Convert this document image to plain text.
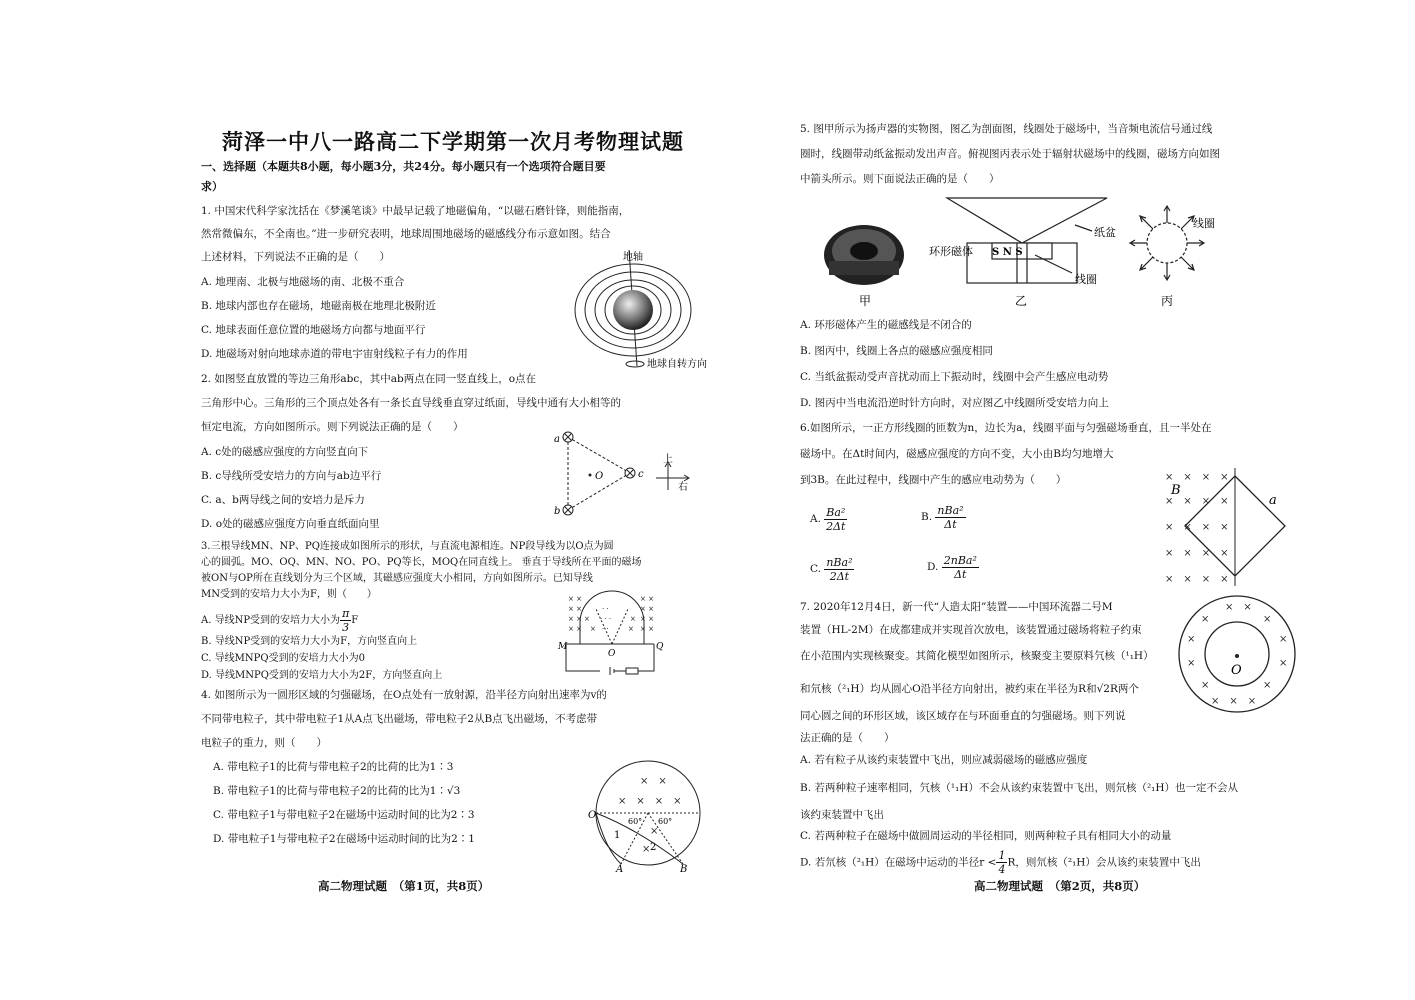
菏泽一中八一路高二下学期第一次月考物理试题
一、选择题（本题共8小题，每小题3分，共24分。每小题只有一个选项符合题目要
求）
1. 中国宋代科学家沈括在《梦溪笔谈》中最早记载了地磁偏角，“以磁石磨针锋，则能指南，
然常微偏东，不全南也。”进一步研究表明，地球周围地磁场的磁感线分布示意如图。结合
上述材料，下列说法不正确的是（　　）
A. 地理南、北极与地磁场的南、北极不重合
B. 地球内部也存在磁场，地磁南极在地理北极附近
C. 地球表面任意位置的地磁场方向都与地面平行
D. 地磁场对射向地球赤道的带电宇宙射线粒子有力的作用
地轴
地球自转方向
2. 如图竖直放置的等边三角形abc，其中ab两点在同一竖直线上，o点在
三角形中心。三角形的三个顶点处各有一条长直导线垂直穿过纸面，导线中通有大小相等的
恒定电流，方向如图所示。则下列说法正确的是（　　）
A. c处的磁感应强度的方向竖直向下
B. c导线所受安培力的方向与ab边平行
C. a、b两导线之间的安培力是斥力
D. o处的磁感应强度方向垂直纸面向里
a
b
c
O
上
右
3.三根导线MN、NP、PQ连接成如图所示的形状，与直流电源相连。NP段导线为以O点为圆
心的圆弧。MO、OQ、MN、NO、PO、PQ等长，MOQ在同直线上。 垂直于导线所在平面的磁场
被ON与OP所在直线划分为三个区域，其磁感应强度大小相同，方向如图所示。已知导线
MN受到的安培力大小为F，则（　　）
A. 导线NP受到的安培力大小为 $\frac{\pi}{3}$ F
B. 导线NP受到的安培力大小为F，方向竖直向上
C. 导线MNPQ受到的安培力大小为0
D. 导线MNPQ受到的安培力大小为2F，方向竖直向上
× ×
× ×
× ×
× ×
× ×
× ×
× ×
× ×
· ·
· · ·
· ·
×
×
×
×
M	Q
O
4. 如图所示为一圆形区域的匀强磁场，在O点处有一放射源，沿半径方向射出速率为v的
不同带电粒子，其中带电粒子1从A点飞出磁场，带电粒子2从B点飞出磁场，不考虑带
电粒子的重力，则（　　）
A. 带电粒子1的比荷与带电粒子2的比荷的比为1∶3
B. 带电粒子1的比荷与带电粒子2的比荷的比为1∶√3
C. 带电粒子1与带电粒子2在磁场中运动时间的比为2∶3
D. 带电粒子1与带电粒子2在磁场中运动时间的比为2∶1
×　×
×　×　×　×
×
×
O
A	B
60° 60°
1
2
高二物理试题　（第1页，共8页）
5. 图甲所示为扬声器的实物图，图乙为剖面图，线圈处于磁场中，当音频电流信号通过线
圈时，线圈带动纸盆振动发出声音。俯视图丙表示处于辐射状磁场中的线圈，磁场方向如图
中箭头所示。则下面说法正确的是（　　）
S N S
纸盆
环形磁体
线圈
线圈
甲	乙	丙
A. 环形磁体产生的磁感线是不闭合的
B. 图丙中，线圈上各点的磁感应强度相同
C. 当纸盆振动受声音扰动而上下振动时，线圈中会产生感应电动势
D. 图丙中当电流沿逆时针方向时，对应图乙中线圈所受安培力向上
6.如图所示，一正方形线圈的匝数为n，边长为a，线圈平面与匀强磁场垂直，且一半处在
磁场中。在Δt时间内，磁感应强度的方向不变，大小由B均匀地增大
到3B。在此过程中，线圈中产生的感应电动势为（　　）
A. $\frac{\text{Ba²}}{2\Delta t}$	B. $\frac{\text{nBa²}}{\Delta t}$
C. $\frac{\text{nBa²}}{2\Delta t}$	D. $\frac{\text{2nBa²}}{\Delta t}$
×　×　×　×
×　×　×　×
×　×　×　×
×　×　×　×
×　×　×　×
B
a
7. 2020年12月4日，新一代“人造太阳”装置——中国环流器二号M
装置（HL-2M）在成都建成并实现首次放电，该装置通过磁场将粒子约束
在小范围内实现核聚变。其简化模型如图所示，核聚变主要原料氕核（¹₁H）
和氘核（²₁H）均从圆心O沿半径方向射出，被约束在半径为R和√2R两个
同心圆之间的环形区域，该区域存在与环面垂直的匀强磁场。则下列说
法正确的是（　　）
A. 若有粒子从该约束装置中飞出，则应减弱磁场的磁感应强度
B. 若两种粒子速率相同，氕核（¹₁H）不会从该约束装置中飞出，则氘核（²₁H）也一定不会从
该约束装置中飞出
C. 若两种粒子在磁场中做圆周运动的半径相同，则两种粒子具有相同大小的动量
D. 若氘核（²₁H）在磁场中运动的半径$r < \frac{1}{4}$ R，则氘核（²₁H）会从该约束装置中飞出
×　×
×	×
×	×
×	×
×	×
×　×　×
O
高二物理试题　（第2页，共8页）
